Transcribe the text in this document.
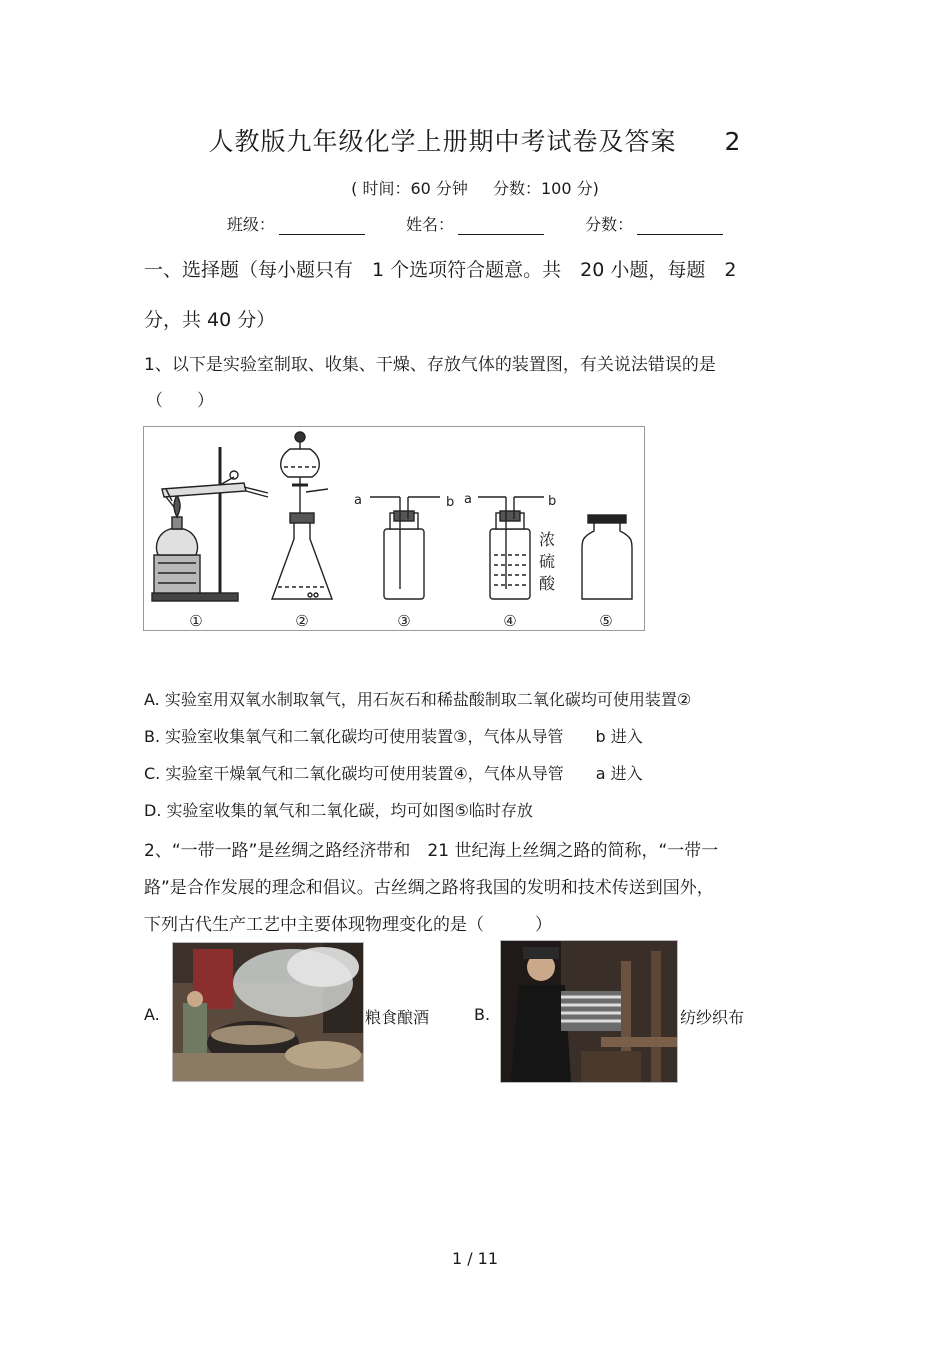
人教版九年级化学上册期中考试卷及答案 2
( 时间：60 分钟 分数：100 分)
班级：	姓名：	分数：
一、选择题（每小题只有　1 个选项符合题意。共　20 小题，每题　2
分，共 40 分）
1、以下是实验室制取、收集、干燥、存放气体的装置图，有关说法错误的是
（　　）
a	b a	b
浓
硫
酸
①	②	③	④	⑤
A. 实验室用双氧水制取氧气，用石灰石和稀盐酸制取二氧化碳均可使用装置②
B. 实验室收集氧气和二氧化碳均可使用装置③，气体从导管　　b 进入
C. 实验室干燥氧气和二氧化碳均可使用装置④，气体从导管　　a 进入
D. 实验室收集的氧气和二氧化碳，均可如图⑤临时存放
2、“一带一路”是丝绸之路经济带和　21 世纪海上丝绸之路的简称，“一带一
路”是合作发展的理念和倡议。古丝绸之路将我国的发明和技术传送到国外，
下列古代生产工艺中主要体现物理变化的是（　　　）
A.	粮食酿酒	B.	纺纱织布
1 / 11
